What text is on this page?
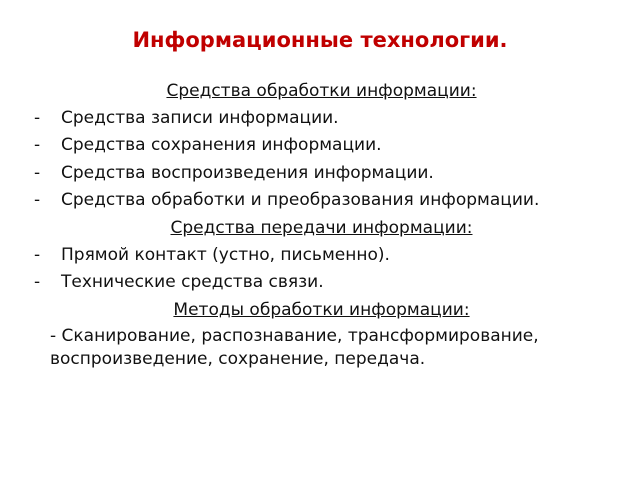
Информационные технологии.
Средства обработки информации:
-	Средства записи информации.
-	Средства сохранения информации.
-	Средства воспроизведения информации.
-	Средства обработки и преобразования информации.
Средства передачи информации:
-	Прямой контакт (устно, письменно).
-	Технические средства связи.
Методы обработки информации:

- Сканирование, распознавание, трансформирование, воспроизведение, сохранение, передача.
